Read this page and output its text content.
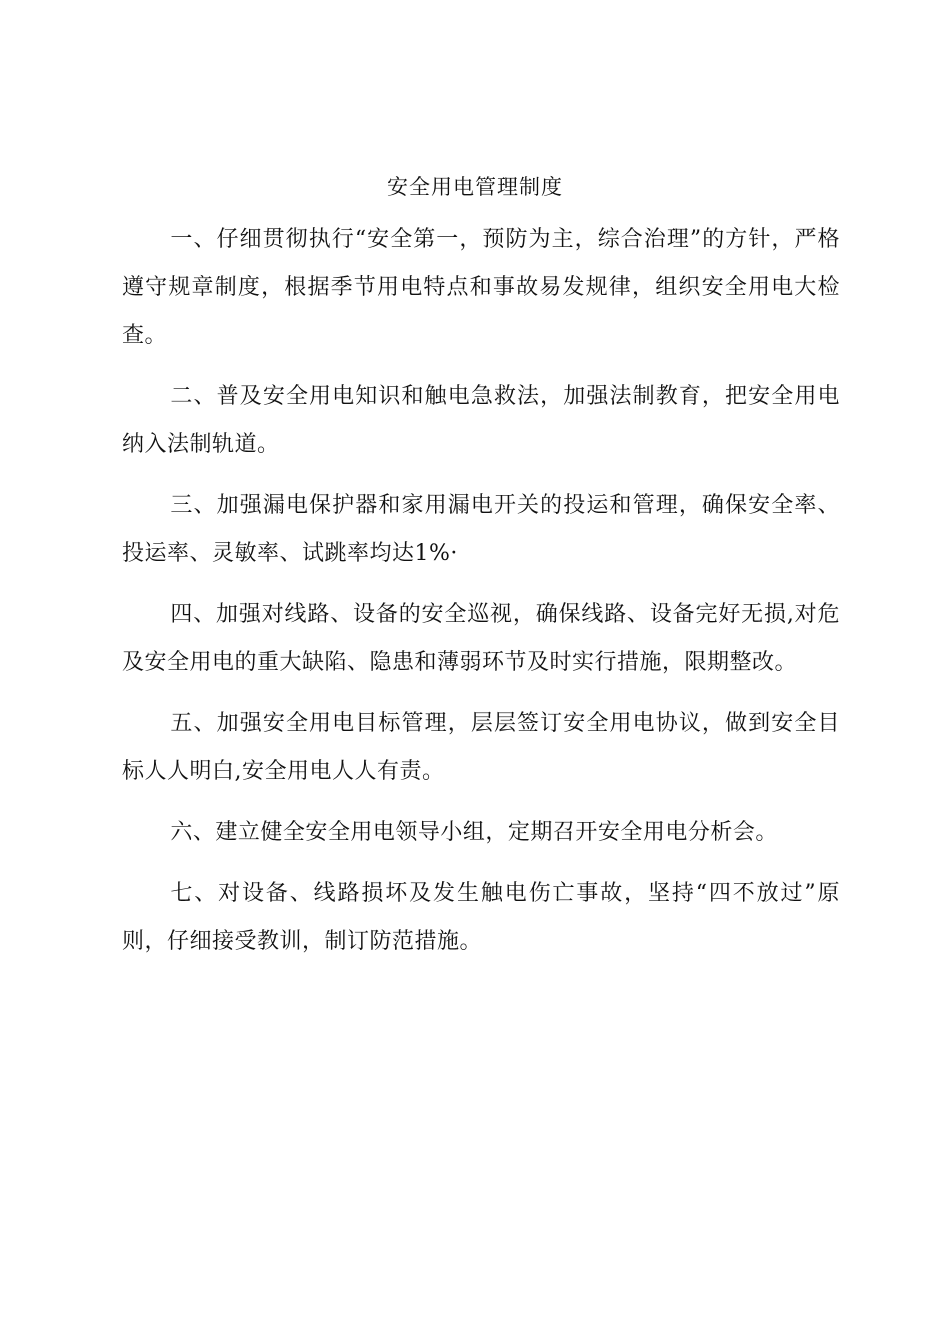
安全用电管理制度

一、仔细贯彻执行“安全第一，预防为主，综合治理”的方针，严格遵守规章制度，根据季节用电特点和事故易发规律，组织安全用电大检查。

二、普及安全用电知识和触电急救法，加强法制教育，把安全用电纳入法制轨道。

三、加强漏电保护器和家用漏电开关的投运和管理，确保安全率、投运率、灵敏率、试跳率均达1%·

四、加强对线路、设备的安全巡视，确保线路、设备完好无损,对危及安全用电的重大缺陷、隐患和薄弱环节及时实行措施，限期整改。

五、加强安全用电目标管理，层层签订安全用电协议，做到安全目标人人明白,安全用电人人有责。

六、建立健全安全用电领导小组，定期召开安全用电分析会。

七、对设备、线路损坏及发生触电伤亡事故，坚持“四不放过”原则，仔细接受教训，制订防范措施。
